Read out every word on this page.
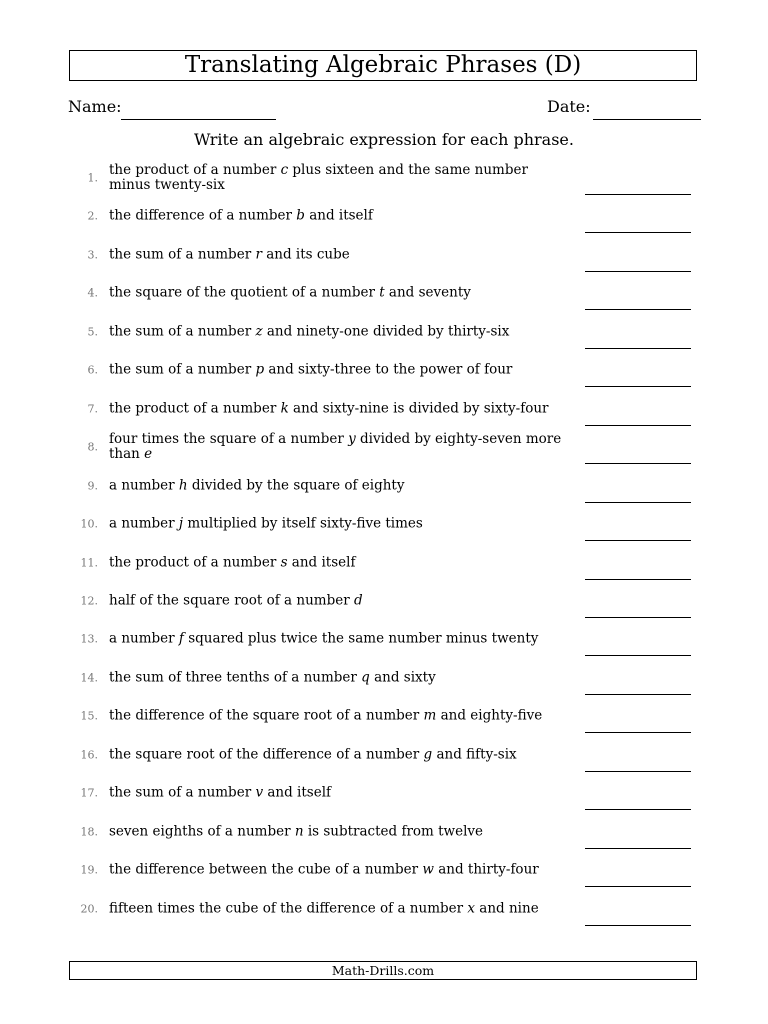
Translating Algebraic Phrases (D)
Name:	Date:
Write an algebraic expression for each phrase.
1. the product of a number c plus sixteen and the same number minus twenty-six
2. the difference of a number b and itself
3. the sum of a number r and its cube
4. the square of the quotient of a number t and seventy
5. the sum of a number z and ninety-one divided by thirty-six
6. the sum of a number p and sixty-three to the power of four
7. the product of a number k and sixty-nine is divided by sixty-four
8. four times the square of a number y divided by eighty-seven more than e
9. a number h divided by the square of eighty
10. a number j multiplied by itself sixty-five times
11. the product of a number s and itself
12. half of the square root of a number d
13. a number f squared plus twice the same number minus twenty
14. the sum of three tenths of a number q and sixty
15. the difference of the square root of a number m and eighty-five
16. the square root of the difference of a number g and fifty-six
17. the sum of a number v and itself
18. seven eighths of a number n is subtracted from twelve
19. the difference between the cube of a number w and thirty-four
20. fifteen times the cube of the difference of a number x and nine
Math-Drills.com
